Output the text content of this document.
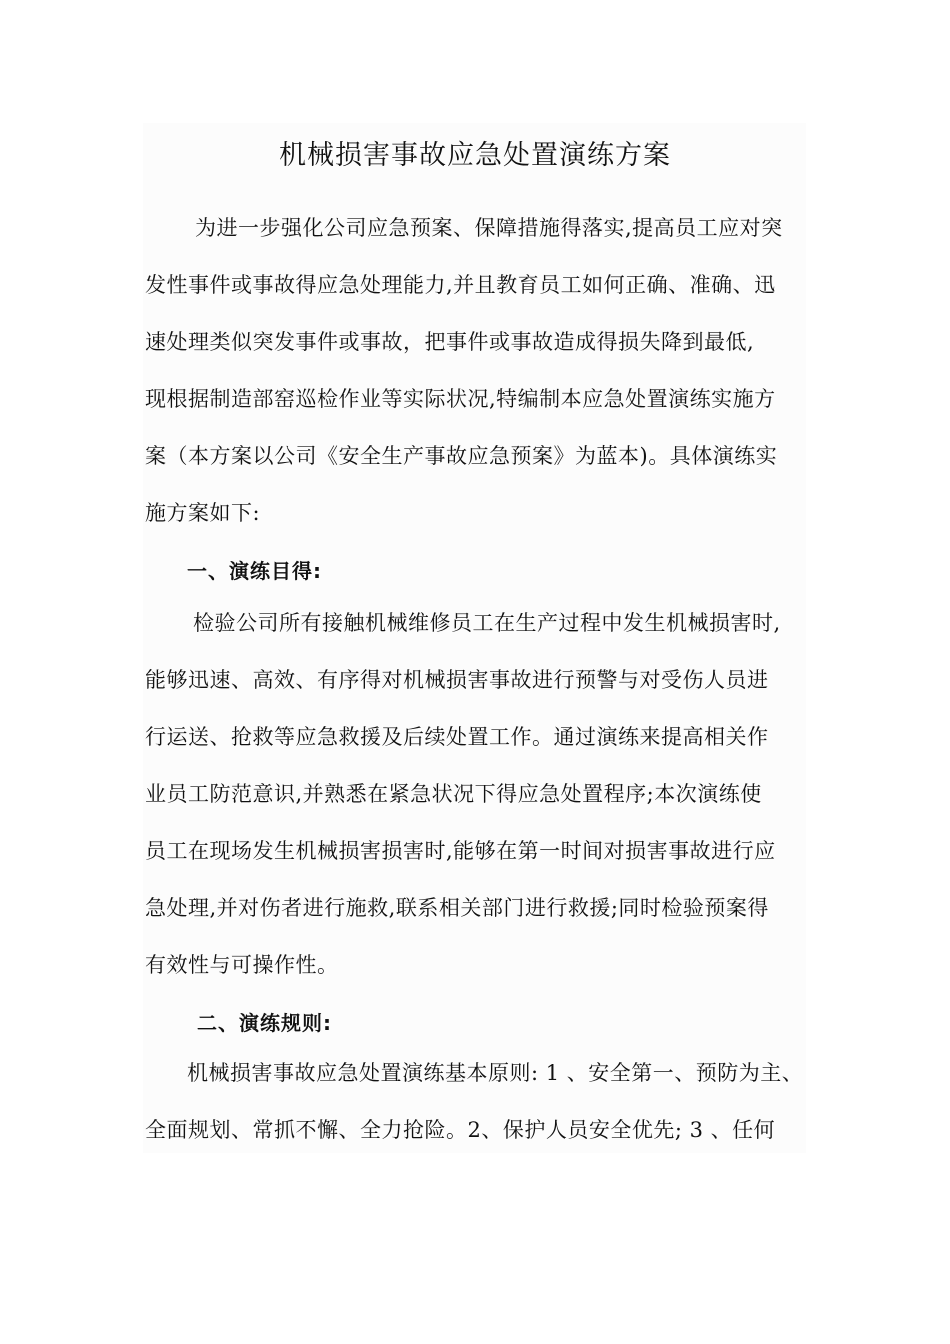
机械损害事故应急处置演练方案
为进一步强化公司应急预案、保障措施得落实,提高员工应对突
发性事件或事故得应急处理能力,并且教育员工如何正确、准确、迅
速处理类似突发事件或事故，把事件或事故造成得损失降到最低,
现根据制造部窑巡检作业等实际状况,特编制本应急处置演练实施方
案（本方案以公司《安全生产事故应急预案》为蓝本)。具体演练实
施方案如下:
一、演练目得:
检验公司所有接触机械维修员工在生产过程中发生机械损害时,
能够迅速、高效、有序得对机械损害事故进行预警与对受伤人员进
行运送、抢救等应急救援及后续处置工作。通过演练来提高相关作
业员工防范意识,并熟悉在紧急状况下得应急处置程序;本次演练使
员工在现场发生机械损害损害时,能够在第一时间对损害事故进行应
急处理,并对伤者进行施救,联系相关部门进行救援;同时检验预案得
有效性与可操作性。
二、演练规则:
机械损害事故应急处置演练基本原则: 1 、安全第一、预防为主、
全面规划、常抓不懈、全力抢险。2、保护人员安全优先; 3 、任何
